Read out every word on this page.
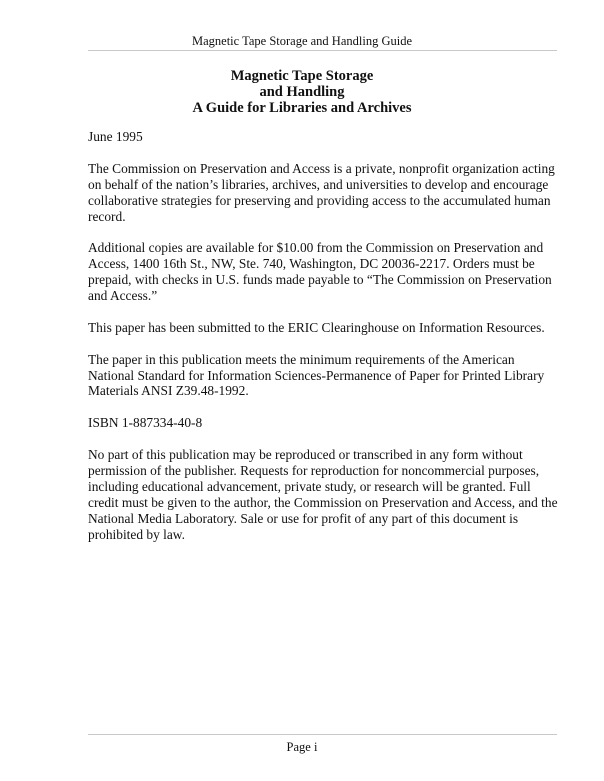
Magnetic Tape Storage and Handling Guide
Magnetic Tape Storage
and Handling
A Guide for Libraries and Archives

June 1995

The Commission on Preservation and Access is a private, nonprofit organization acting on behalf of the nation’s libraries, archives, and universities to develop and encourage collaborative strategies for preserving and providing access to the accumulated human record.

Additional copies are available for $10.00 from the Commission on Preservation and Access, 1400 16th St., NW, Ste. 740, Washington, DC 20036-2217. Orders must be prepaid, with checks in U.S. funds made payable to “The Commission on Preservation and Access.”

This paper has been submitted to the ERIC Clearinghouse on Information Resources.

The paper in this publication meets the minimum requirements of the American National Standard for Information Sciences-Permanence of Paper for Printed Library Materials ANSI Z39.48-1992.

ISBN 1-887334-40-8

No part of this publication may be reproduced or transcribed in any form without permission of the publisher. Requests for reproduction for noncommercial purposes, including educational advancement, private study, or research will be granted. Full credit must be given to the author, the Commission on Preservation and Access, and the National Media Laboratory. Sale or use for profit of any part of this document is prohibited by law.

Page i
